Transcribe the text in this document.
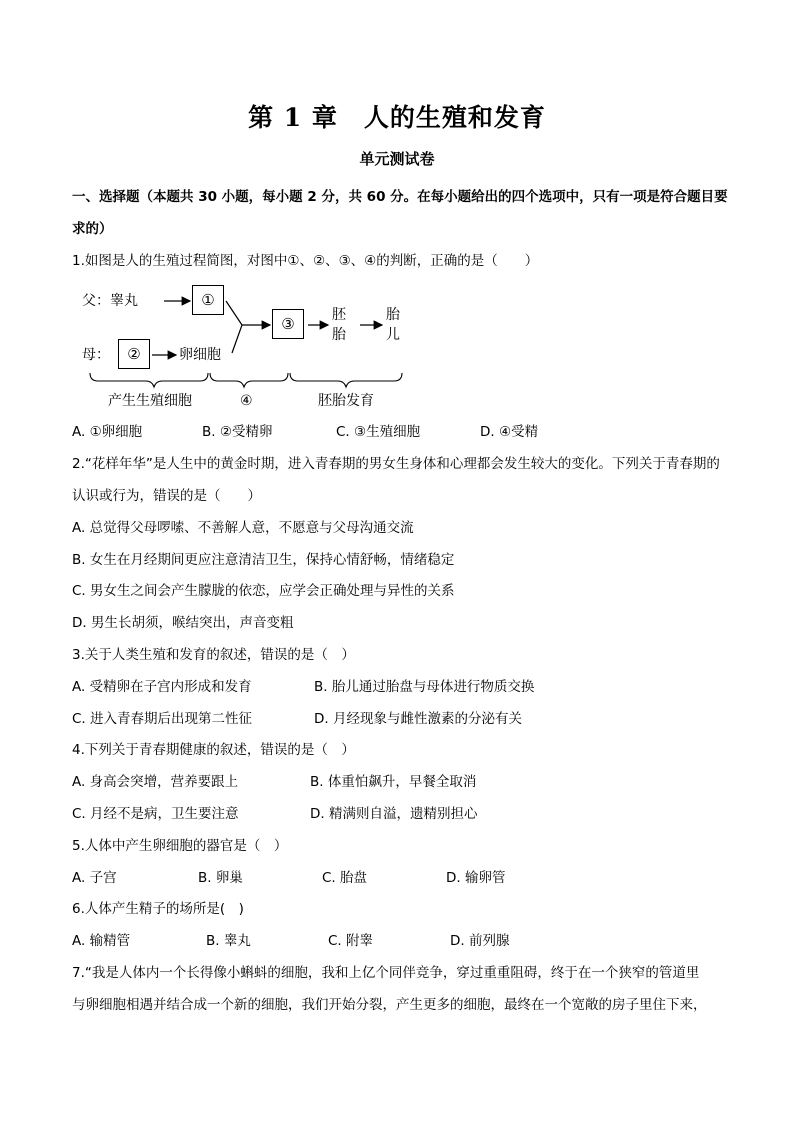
第 1 章　人的生殖和发育
单元测试卷
一、选择题（本题共 30 小题，每小题 2 分，共 60 分。在每小题给出的四个选项中，只有一项是符合题目要求的）
1.如图是人的生殖过程简图，对图中①、②、③、④的判断，正确的是（　　）
父：睾丸	①
母： ②	卵细胞
③	胚
胎
胎
儿
产生生殖细胞	④	胚胎发育
A. ①卵细胞	B. ②受精卵	C. ③生殖细胞	D. ④受精
2.“花样年华”是人生中的黄金时期，进入青春期的男女生身体和心理都会发生较大的变化。下列关于青春期的认识或行为，错误的是（　　）
A. 总觉得父母啰嗦、不善解人意，不愿意与父母沟通交流
B. 女生在月经期间更应注意清洁卫生，保持心情舒畅，情绪稳定
C. 男女生之间会产生朦胧的依恋，应学会正确处理与异性的关系
D. 男生长胡须，喉结突出，声音变粗
3.关于人类生殖和发育的叙述，错误的是（　）
A. 受精卵在子宫内形成和发育	B. 胎儿通过胎盘与母体进行物质交换
C. 进入青春期后出现第二性征	D. 月经现象与雌性激素的分泌有关
4.下列关于青春期健康的叙述，错误的是（　）
A. 身高会突增，营养要跟上	B. 体重怕飙升，早餐全取消
C. 月经不是病，卫生要注意	D. 精满则自溢，遗精别担心
5.人体中产生卵细胞的器官是（　）
A. 子宫	B. 卵巢	C. 胎盘	D. 输卵管
6.人体产生精子的场所是(　)
A. 输精管	B. 睾丸	C. 附睾	D. 前列腺
7.“我是人体内一个长得像小蝌蚪的细胞，我和上亿个同伴竞争，穿过重重阻碍，终于在一个狭窄的管道里
与卵细胞相遇并结合成一个新的细胞，我们开始分裂，产生更多的细胞，最终在一个宽敞的房子里住下来，
